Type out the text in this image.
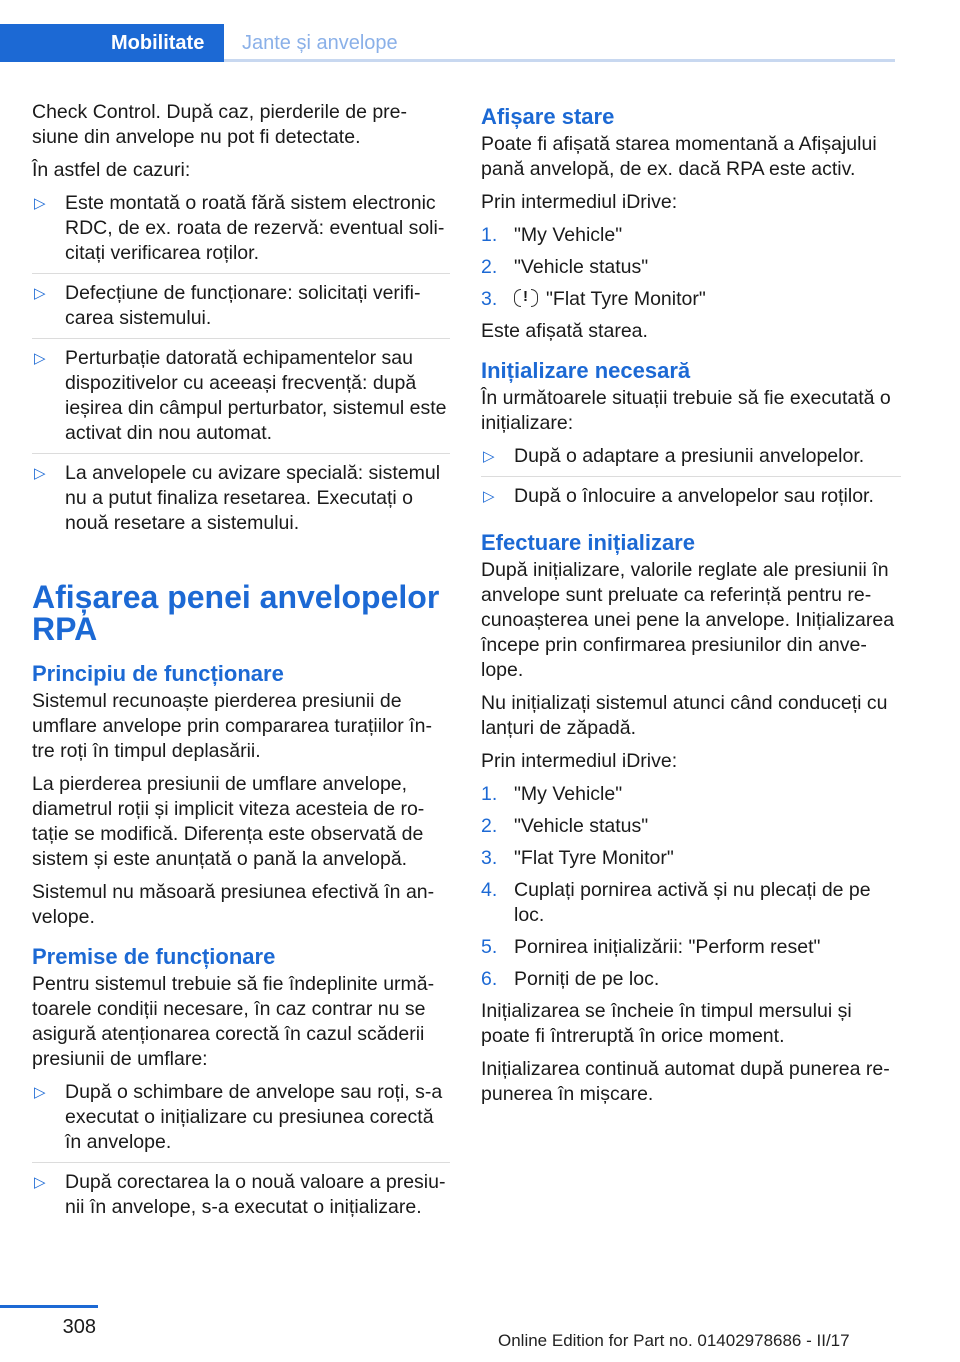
Mobilitate	Jante și anvelope

Check Control. După caz, pierderile de pre‐siune din anvelope nu pot fi detectate.

În astfel de cazuri:

▷ Este montată o roată fără sistem electronic RDC, de ex. roata de rezervă: eventual soli‐citați verificarea roților.
▷ Defecțiune de funcționare: solicitați verifi‐carea sistemului.
▷ Perturbație datorată echipamentelor sau dispozitivelor cu aceeași frecvență: după ieșirea din câmpul perturbator, sistemul este activat din nou automat.
▷ La anvelopele cu avizare specială: sistemul nu a putut finaliza resetarea. Executați o nouă resetare a sistemului.
Afișarea penei anvelopelor RPA
Principiu de funcționare

Sistemul recunoaște pierderea presiunii de umflare anvelope prin compararea turațiilor în‐tre roți în timpul deplasării.

La pierderea presiunii de umflare anvelope, diametrul roții și implicit viteza acesteia de ro‐tație se modifică. Diferența este observată de sistem și este anunțată o pană la anvelopă.

Sistemul nu măsoară presiunea efectivă în an‐velope.

Premise de funcționare

Pentru sistemul trebuie să fie îndeplinite urmă‐toarele condiții necesare, în caz contrar nu se asigură atenționarea corectă în cazul scăderii presiunii de umflare:

▷ După o schimbare de anvelope sau roți, s-a executat o inițializare cu presiunea corectă în anvelope.
▷ După corectarea la o nouă valoare a presiu‐nii în anvelope, s-a executat o inițializare.
Afișare stare

Poate fi afișată starea momentană a Afișajului pană anvelopă, de ex. dacă RPA este activ.

Prin intermediul iDrive:

1. "My Vehicle"
2. "Vehicle status"
3. ! "Flat Tyre Monitor"

Este afișată starea.

Inițializare necesară

În următoarele situații trebuie să fie executată o inițializare:

▷ După o adaptare a presiunii anvelopelor.
▷ După o înlocuire a anvelopelor sau roților.
Efectuare inițializare

După inițializare, valorile reglate ale presiunii în anvelope sunt preluate ca referință pentru re‐cunoașterea unei pene la anvelope. Inițializarea începe prin confirmarea presiunilor din anve‐lope.

Nu inițializați sistemul atunci când conduceți cu lanțuri de zăpadă.

Prin intermediul iDrive:

1. "My Vehicle"
2. "Vehicle status"
3. "Flat Tyre Monitor"
4. Cuplați pornirea activă și nu plecați de pe loc.
5. Pornirea inițializării: "Perform reset"
6. Porniți de pe loc.

Inițializarea se încheie în timpul mersului și poate fi întreruptă în orice moment.

Inițializarea continuă automat după punerea re‐punerea în mișcare.

308
Online Edition for Part no. 01402978686 - II/17
